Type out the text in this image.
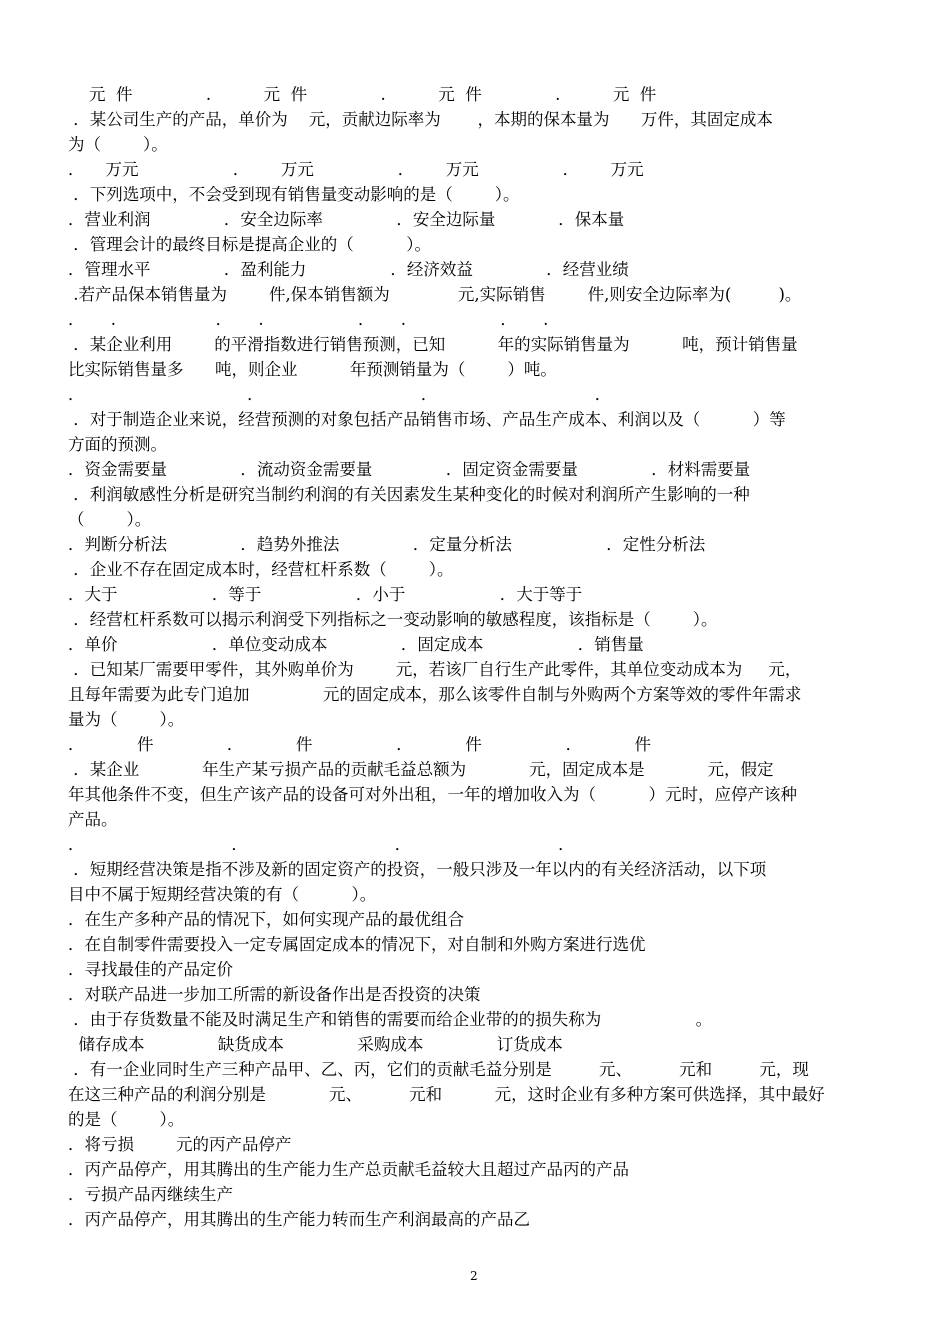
元  件              .          元  件              .          元  件              .          元  件
．某公司生产的产品，单价为    元，贡献边际率为       ，本期的保本量为      万件，其固定成本
为（        ）。
．    万元                  ．      万元                ．      万元                ．      万元
．下列选项中，不会受到现有销售量变动影响的是（        ）。
．营业利润              ．安全边际率              ．安全边际量            ．保本量
．管理会计的最终目标是提高企业的（          ）。
．管理水平              ．盈利能力                ．经济效益              ．经营业绩
.若产品保本销售量为        件,保本销售额为             元,实际销售        件,则安全边际率为(         )。
．     .                   ．     .                  ．     .                  ．     .
．某企业利用        的平滑指数进行销售预测，已知          年的实际销售量为          吨，预计销售量
比实际销售量多      吨，则企业          年预测销量为（        ）吨。
．                               ．                              ．                              ．
．对于制造企业来说，经营预测的对象包括产品销售市场、产品生产成本、利润以及（          ）等
方面的预测。
．资金需要量              ．流动资金需要量              ．固定资金需要量              ．材料需要量
．利润敏感性分析是研究当制约利润的有关因素发生某种变化的时候对利润所产生影响的一种
（        ）。
．判断分析法              ．趋势外推法              ．定量分析法                  ．定性分析法
．企业不存在固定成本时，经营杠杆系数（        ）。
．大于                  ．等于                  ．小于                  ．大于等于
．经营杠杆系数可以揭示利润受下列指标之一变动影响的敏感程度，该指标是（        ）。
．单价                  ．单位变动成本              ．固定成本                  ．销售量
．已知某厂需要甲零件，其外购单价为        元，若该厂自行生产此零件，其单位变动成本为     元，
且每年需要为此专门追加              元的固定成本，那么该零件自制与外购两个方案等效的零件年需求
量为（        ）。
．          件              ．          件                ．          件                ．          件
．某企业            年生产某亏损产品的贡献毛益总额为            元，固定成本是            元，假定
年其他条件不变，但生产该产品的设备可对外出租，一年的增加收入为（          ）元时，应停产该种
产品。
．                            ．                            ．                            ．
．短期经营决策是指不涉及新的固定资产的投资，一般只涉及一年以内的有关经济活动，以下项
目中不属于短期经营决策的有（          ）。
．在生产多种产品的情况下，如何实现产品的最优组合
．在自制零件需要投入一定专属固定成本的情况下，对自制和外购方案进行选优
．寻找最佳的产品定价
．对联产品进一步加工所需的新设备作出是否投资的决策
．由于存货数量不能及时满足生产和销售的需要而给企业带的的损失称为                  。
储存成本              缺货成本              采购成本              订货成本
．有一企业同时生产三种产品甲、乙、丙，它们的贡献毛益分别是         元、         元和         元，现
在这三种产品的利润分别是            元、         元和          元，这时企业有多种方案可供选择，其中最好
的是（        ）。
．将亏损        元的丙产品停产
．丙产品停产，用其腾出的生产能力生产总贡献毛益较大且超过产品丙的产品
．亏损产品丙继续生产
．丙产品停产，用其腾出的生产能力转而生产利润最高的产品乙
2
